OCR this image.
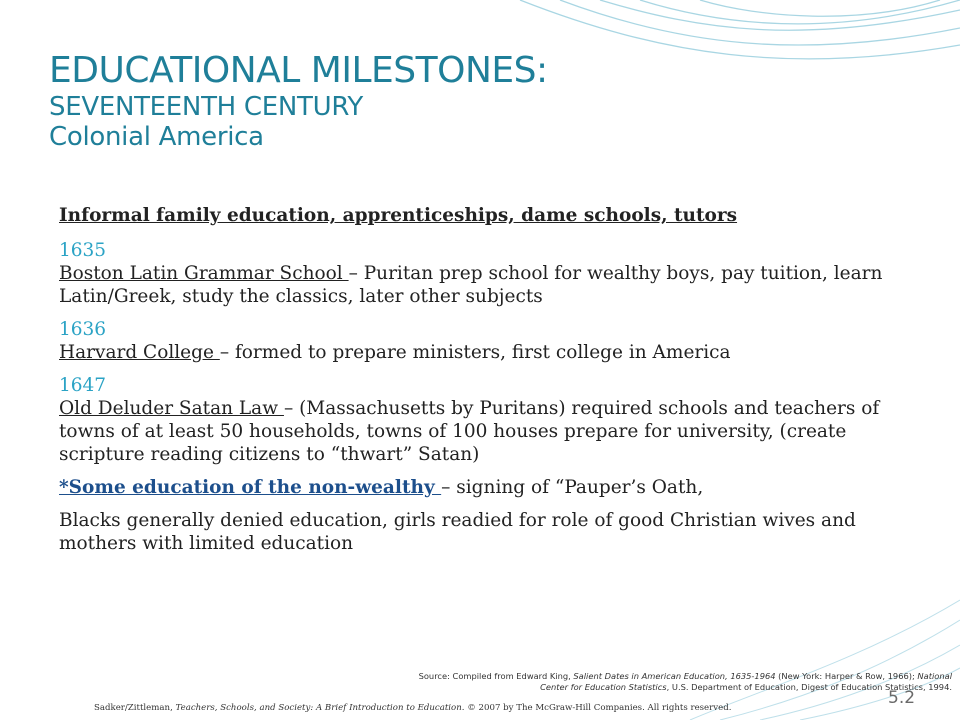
EDUCATIONAL MILESTONES:
SEVENTEENTH CENTURY
Colonial America
Informal family education, apprenticeships, dame schools, tutors
1635
Boston Latin Grammar School – Puritan prep school for wealthy boys, pay tuition, learn Latin/Greek, study the classics, later other subjects
1636
Harvard College – formed to prepare ministers, first college in America
1647
Old Deluder Satan Law – (Massachusetts by Puritans) required schools and teachers of towns of at least 50 households, towns of 100 houses prepare for university, (create scripture reading citizens to “thwart” Satan)
*Some education of the non-wealthy – signing of “Pauper’s Oath,
Blacks generally denied education, girls readied for role of good Christian wives and mothers with limited education
Source: Compiled from Edward King, Salient Dates in American Education, 1635-1964 (New York: Harper & Row, 1966); National Center for Education Statistics, U.S. Department of Education, Digest of Education Statistics, 1994.
Sadker/Zittleman, Teachers, Schools, and Society: A Brief Introduction to Education. © 2007 by The McGraw-Hill Companies. All rights reserved.	5.2
